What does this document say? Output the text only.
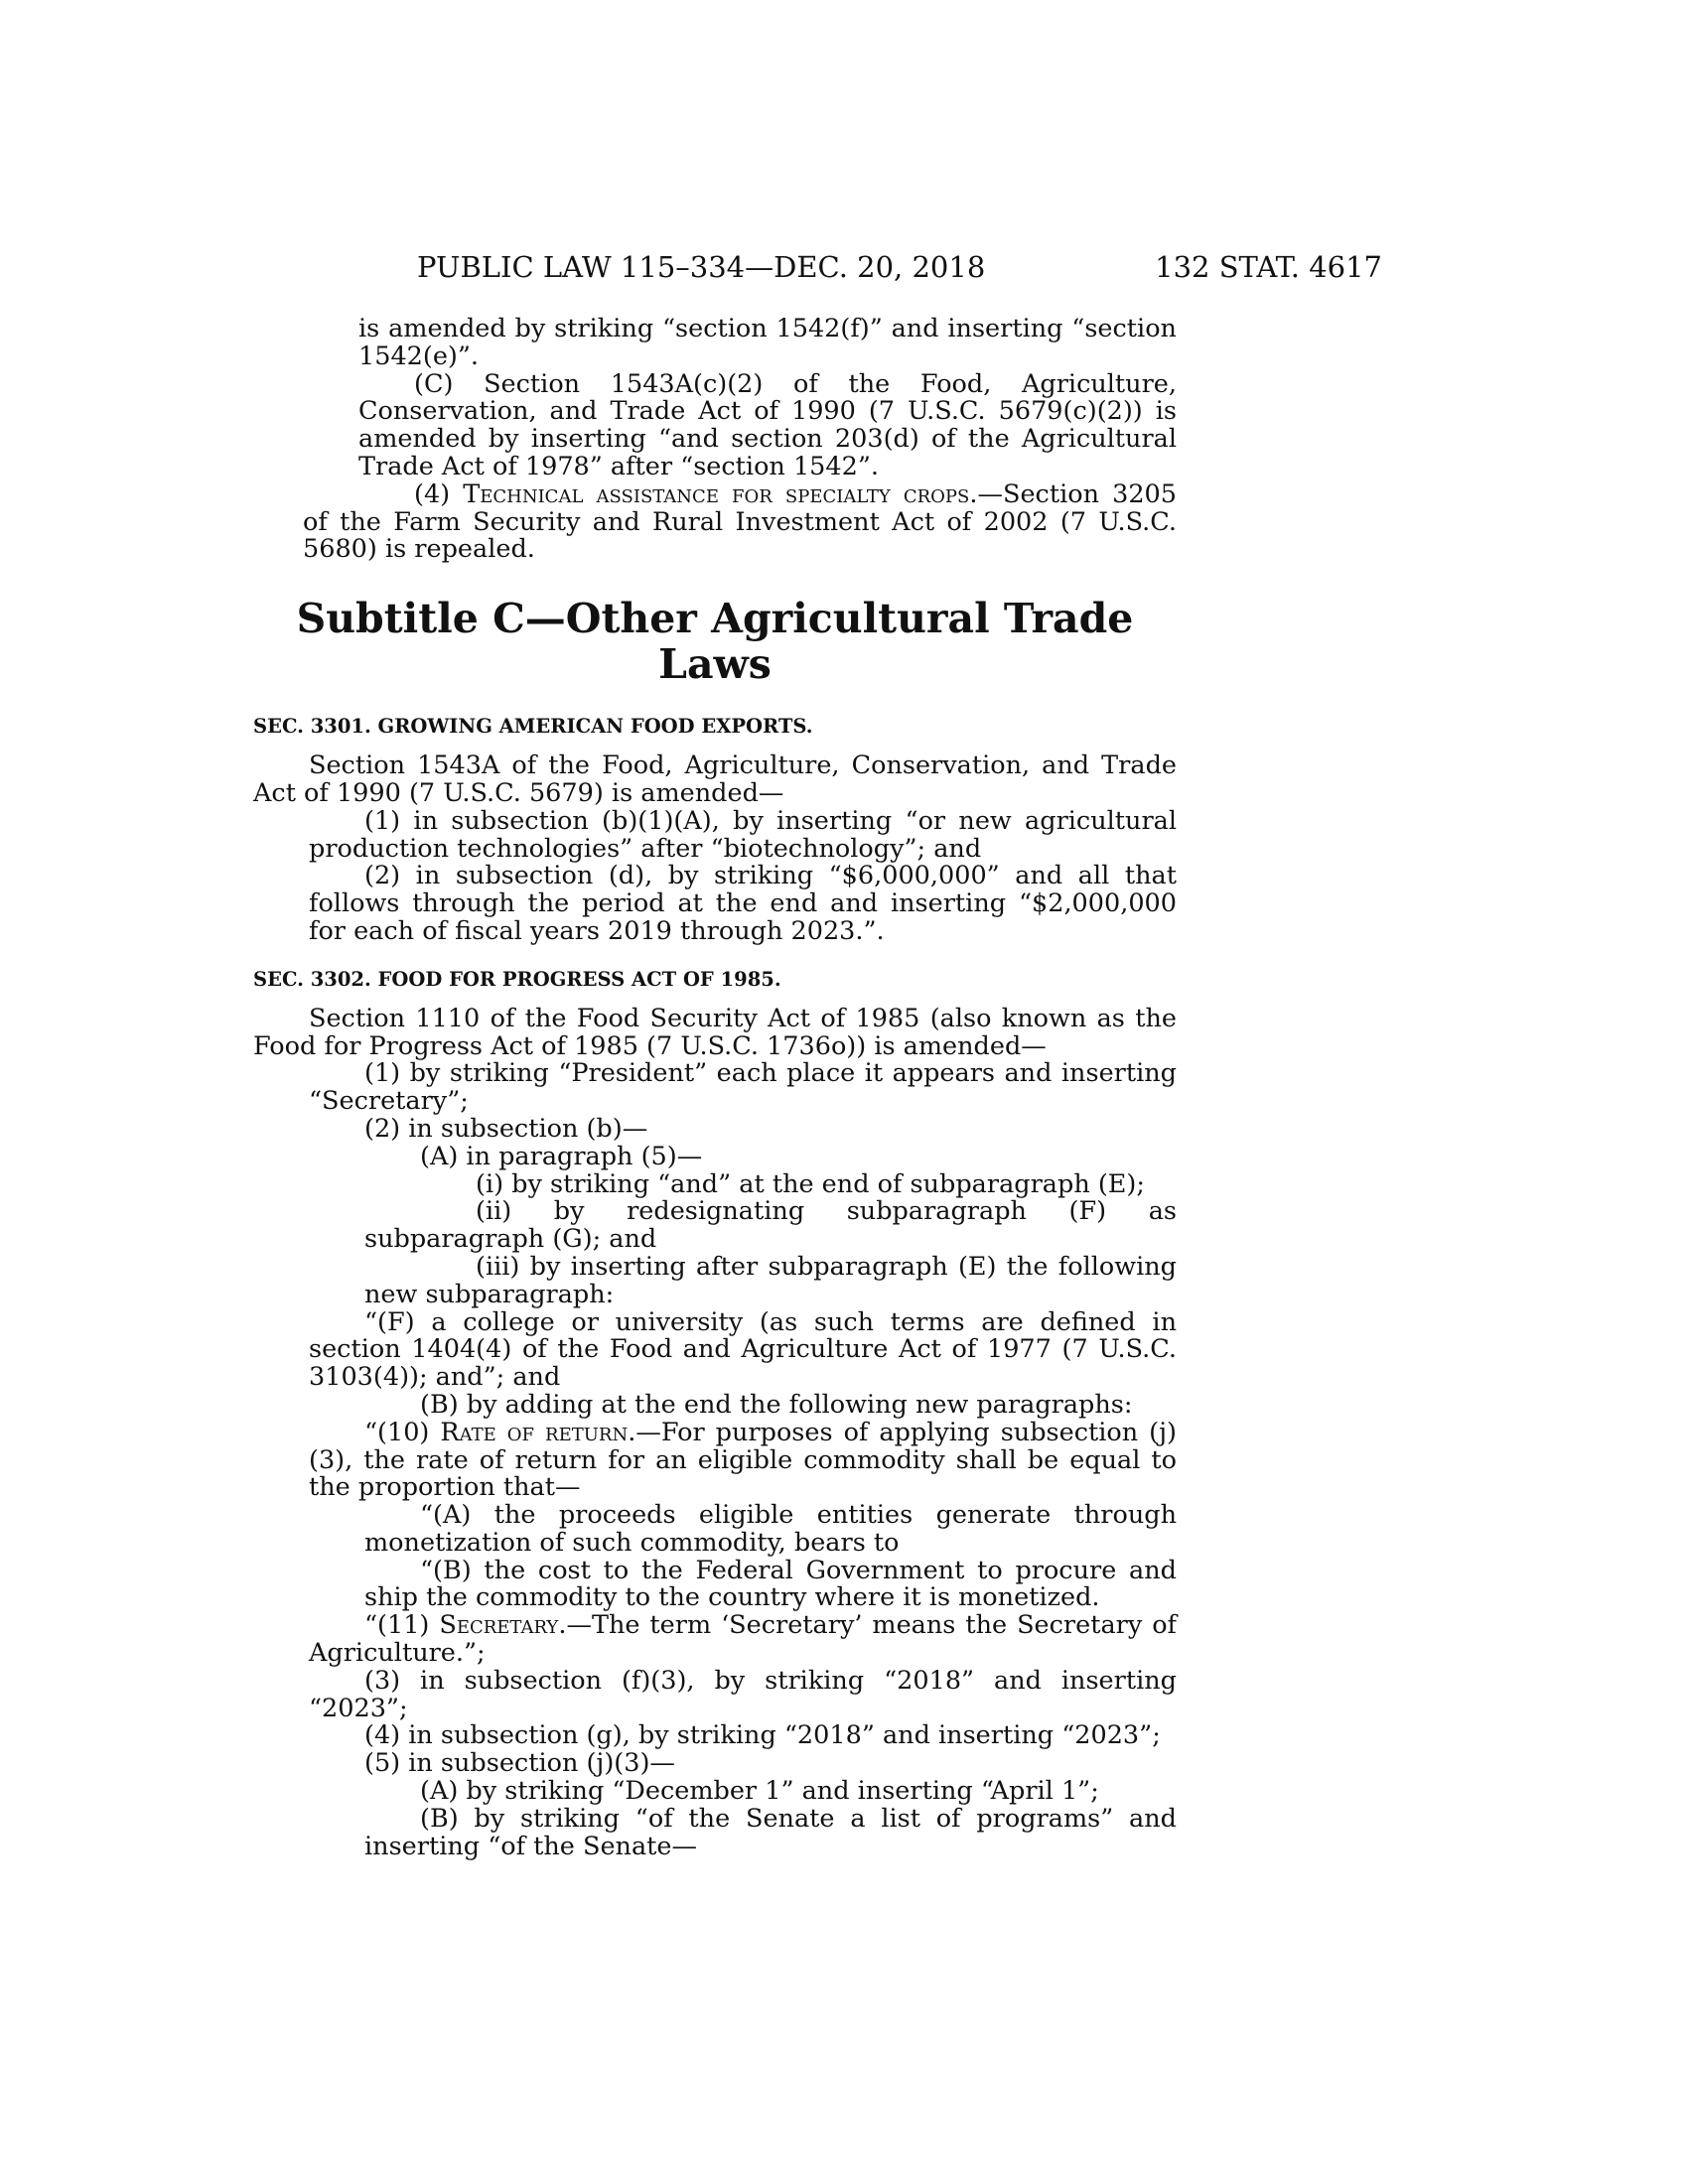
PUBLIC LAW 115–334—DEC. 20, 2018	132 STAT. 4617

is amended by striking “section 1542(f)” and inserting “section 1542(e)”.

(C) Section 1543A(c)(2) of the Food, Agriculture, Conservation, and Trade Act of 1990 (7 U.S.C. 5679(c)(2)) is amended by inserting “and section 203(d) of the Agricultural Trade Act of 1978” after “section 1542”.

(4) Technical assistance for specialty crops.—Section 3205 of the Farm Security and Rural Investment Act of 2002 (7 U.S.C. 5680) is repealed.

Subtitle C—Other Agricultural Trade Laws
SEC. 3301. GROWING AMERICAN FOOD EXPORTS.

Section 1543A of the Food, Agriculture, Conservation, and Trade Act of 1990 (7 U.S.C. 5679) is amended—

(1) in subsection (b)(1)(A), by inserting “or new agricultural production technologies” after “biotechnology”; and

(2) in subsection (d), by striking “$6,000,000” and all that follows through the period at the end and inserting “$2,000,000 for each of fiscal years 2019 through 2023.”.

SEC. 3302. FOOD FOR PROGRESS ACT OF 1985.

Section 1110 of the Food Security Act of 1985 (also known as the Food for Progress Act of 1985 (7 U.S.C. 1736o)) is amended—

(1) by striking “President” each place it appears and inserting “Secretary”;

(2) in subsection (b)—

(A) in paragraph (5)—

(i) by striking “and” at the end of subparagraph (E);

(ii) by redesignating subparagraph (F) as subparagraph (G); and

(iii) by inserting after subparagraph (E) the following new subparagraph:

“(F) a college or university (as such terms are defined in section 1404(4) of the Food and Agriculture Act of 1977 (7 U.S.C. 3103(4)); and”; and

(B) by adding at the end the following new paragraphs:

“(10) Rate of return.—For purposes of applying subsection (j)(3), the rate of return for an eligible commodity shall be equal to the proportion that—

“(A) the proceeds eligible entities generate through monetization of such commodity, bears to

“(B) the cost to the Federal Government to procure and ship the commodity to the country where it is monetized.

“(11) Secretary.—The term ‘Secretary’ means the Secretary of Agriculture.”;

(3) in subsection (f)(3), by striking “2018” and inserting “2023”;

(4) in subsection (g), by striking “2018” and inserting “2023”;

(5) in subsection (j)(3)—

(A) by striking “December 1” and inserting “April 1”;

(B) by striking “of the Senate a list of programs” and inserting “of the Senate—
